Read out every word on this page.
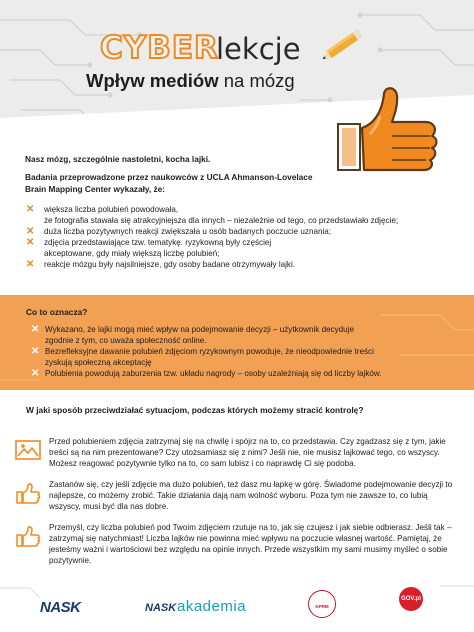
CYBER
lekcje
Wpływ mediów na mózg
Nasz mózg, szczególnie nastoletni, kocha lajki.
Badania przeprowadzone przez naukowców z UCLA Ahmanson-Lovelace Brain Mapping Center wykazały, że:
✕ większa liczba polubień powodowała,
że fotografia stawała się atrakcyjniejsza dla innych – niezależnie od tego, co przedstawiało zdjęcie;
✕ duża liczba pozytywnych reakcji zwiększała u osób badanych poczucie uznania;
✕ zdjęcia przedstawiające tzw. tematykę. ryzykowną były częściej akceptowane, gdy miały większą liczbę polubień;
✕ reakcje mózgu były najsilniejsze, gdy osoby badane otrzymywały lajki.
Co to oznacza?
✕ Wykazano, że lajki mogą mieć wpływ na podejmowanie decyzji – użytkownik decyduje zgodnie z tym, co uważa społeczność online.
✕ Bezrefleksyjne dawanie polubień zdjęciom ryzykownym powoduje, że nieodpowiednie treści zyskują społeczną akceptację
✕ Polubienia powodują zaburzenia tzw. układu nagrody – osoby uzależniają się od liczby lajków.
W jaki sposób przeciwdziałać sytuacjom, podczas których możemy stracić kontrolę?
Przed polubieniem zdjęcia zatrzymaj się na chwilę i spójrz na to, co przedstawia. Czy zgadzasz się z tym, jakie treści są na nim prezentowane? Czy utożsamiasz się z nimi? Jeśli nie, nie musisz lajkować tego, co wszyscy. Możesz reagować pozytywnie tylko na to, co sam lubisz i co naprawdę Ci się podoba.
Zastanów się, czy jeśli zdjęcie ma dużo polubień, też dasz mu łapkę w górę. Świadome podejmowanie decyzji to najlepsze, co możemy zrobić. Takie działania dają nam wolność wyboru. Poza tym nie zawsze to, co lubią wszyscy, musi być dla nas dobre.
Przemyśl, czy liczba polubień pod Twoim zdjęciem rzutuje na to, jak się czujesz i jak siebie odbierasz. Jeśli tak – zatrzymaj się natychmiast! Liczba lajków nie powinna mieć wpływu na poczucie własnej wartość. Pamiętaj, że jesteśmy ważni i wartościowi bez względu na opinie innych. Przede wszystkim my sami musimy myśleć o sobie pozytywnie.
NASK	NASK akademia	KPRM
GOV.pl
